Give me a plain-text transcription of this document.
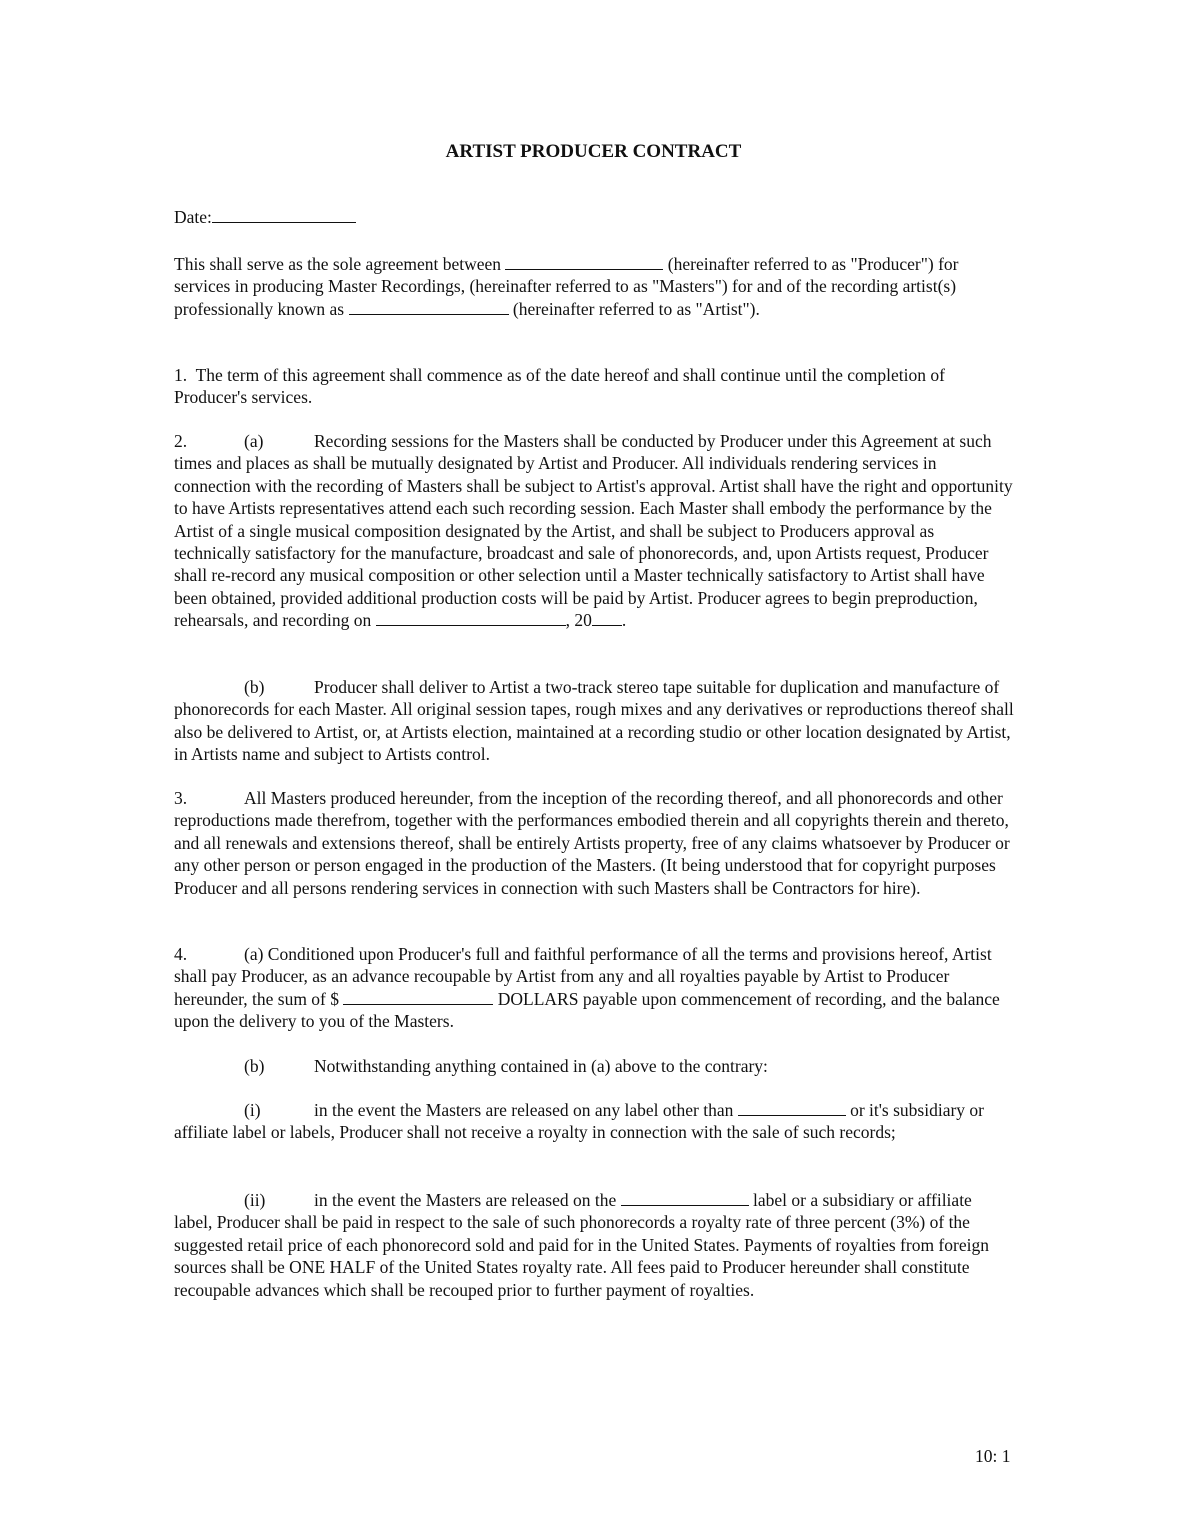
ARTIST PRODUCER CONTRACT

Date:

This shall serve as the sole agreement between	(hereinafter referred to as "Producer") for services in producing Master Recordings, (hereinafter referred to as "Masters") for and of the recording artist(s) professionally known as	(hereinafter referred to as "Artist").

1. The term of this agreement shall commence as of the date hereof and shall continue until the completion of Producer's services.

2.	(a)	Recording sessions for the Masters shall be conducted by Producer under this Agreement at such times and places as shall be mutually designated by Artist and Producer. All individuals rendering services in connection with the recording of Masters shall be subject to Artist's approval. Artist shall have the right and opportunity to have Artists representatives attend each such recording session. Each Master shall embody the performance by the Artist of a single musical composition designated by the Artist, and shall be subject to Producers approval as technically satisfactory for the manufacture, broadcast and sale of phonorecords, and, upon Artists request, Producer shall re-record any musical composition or other selection until a Master technically satisfactory to Artist shall have been obtained, provided additional production costs will be paid by Artist. Producer agrees to begin preproduction, rehearsals, and recording on	, 20 .

(b)	Producer shall deliver to Artist a two-track stereo tape suitable for duplication and manufacture of phonorecords for each Master. All original session tapes, rough mixes and any derivatives or reproductions thereof shall also be delivered to Artist, or, at Artists election, maintained at a recording studio or other location designated by Artist, in Artists name and subject to Artists control.

3.	All Masters produced hereunder, from the inception of the recording thereof, and all phonorecords and other reproductions made therefrom, together with the performances embodied therein and all copyrights therein and thereto, and all renewals and extensions thereof, shall be entirely Artists property, free of any claims whatsoever by Producer or any other person or person engaged in the production of the Masters. (It being understood that for copyright purposes Producer and all persons rendering services in connection with such Masters shall be Contractors for hire).

4.	(a) Conditioned upon Producer's full and faithful performance of all the terms and provisions hereof, Artist shall pay Producer, as an advance recoupable by Artist from any and all royalties payable by Artist to Producer hereunder, the sum of $	DOLLARS payable upon commencement of recording, and the balance upon the delivery to you of the Masters.

(b)	Notwithstanding anything contained in (a) above to the contrary:

(i)	in the event the Masters are released on any label other than	or it's subsidiary or affiliate label or labels, Producer shall not receive a royalty in connection with the sale of such records;

(ii)	in the event the Masters are released on the	label or a subsidiary or affiliate label, Producer shall be paid in respect to the sale of such phonorecords a royalty rate of three percent (3%) of the suggested retail price of each phonorecord sold and paid for in the United States. Payments of royalties from foreign sources shall be ONE HALF of the United States royalty rate. All fees paid to Producer hereunder shall constitute recoupable advances which shall be recouped prior to further payment of royalties.

10: 1
